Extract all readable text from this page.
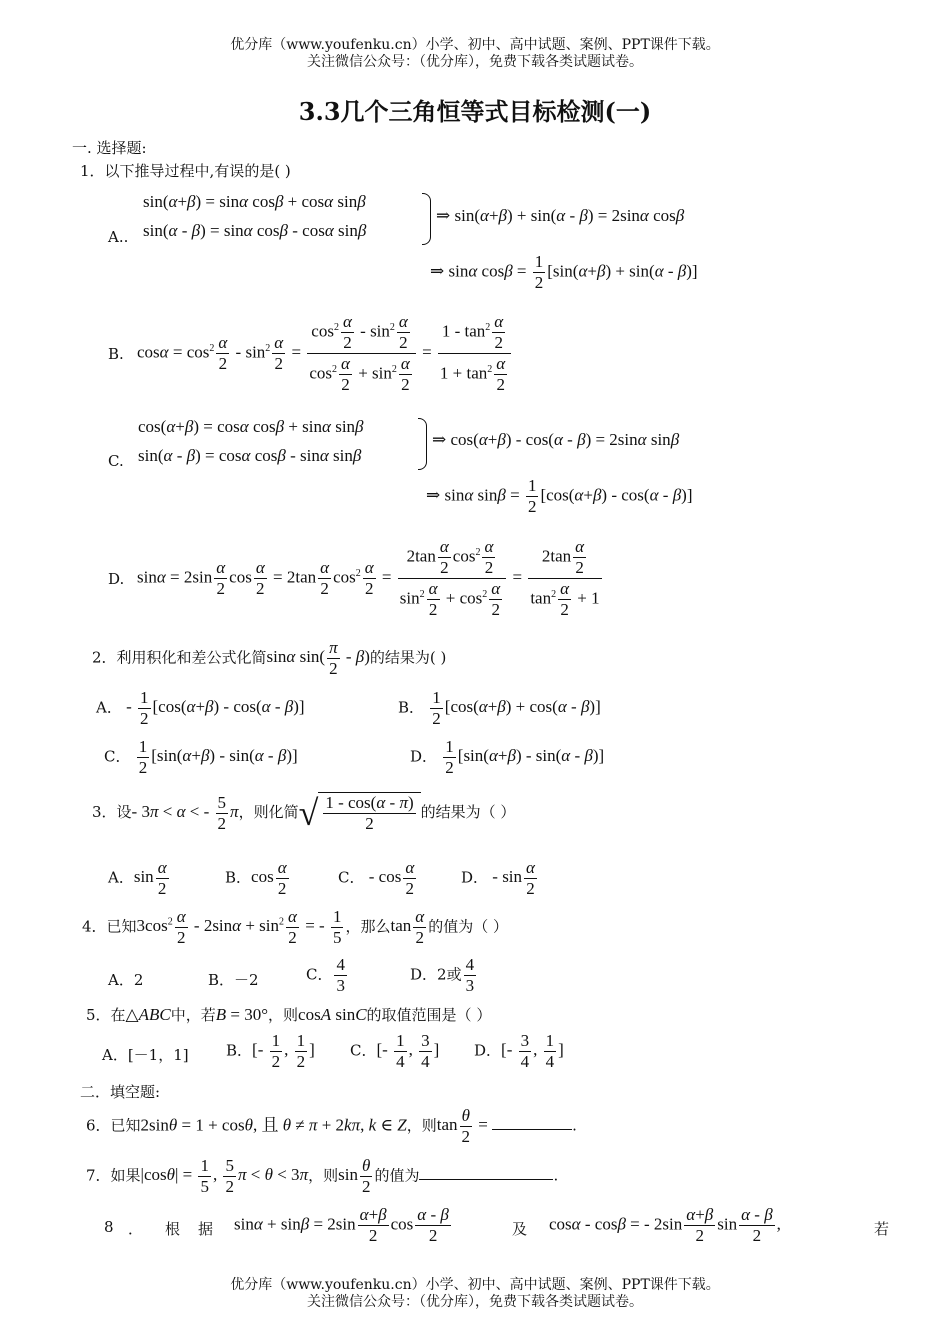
优分库（www.youfenku.cn）小学、初中、高中试题、案例、PPT课件下载。
关注微信公众号：（优分库），免费下载各类试题试卷。
3.3几个三角恒等式目标检测(一)
一. 选择题:
1．以下推导过程中,有误的是( )
A..
sin(α+β) = sinα cosβ + cosα sinβ
sin(α - β) = sinα cosβ - cosα sinβ
⇒ sin(α+β) + sin(α - β) = 2sinα cosβ
⇒ sinα $\cos\beta = \frac{1}{2} [\sin(\alpha+\beta) + \sin(\alpha - \beta)]$
B. $\cos\alpha = \cos^2 \frac{\alpha}{2} - \sin^2 \frac{\alpha}{2} = \frac{\cos^2 \frac{\alpha}{2} - \sin^2 \frac{\alpha}{2}}{\cos^2 \frac{\alpha}{2} + \sin^2 \frac{\alpha}{2}} = \frac{1 - \tan^2 \frac{\alpha}{2}}{1 + \tan^2 \frac{\alpha}{2}}$
C.
cos(α+β) = cosα cosβ + sinα sinβ
sin(α - β) = cosα cosβ - sinα sinβ
⇒ cos(α+β) - cos(α - β) = 2sinα sinβ
⇒ sinα $\sin\beta = \frac{1}{2} [\cos(\alpha+\beta) - \cos(\alpha - \beta)]$
D. $\sin\alpha = 2\sin \frac{\alpha}{2}$ $\cos \frac{\alpha}{2} = 2\tan \frac{\alpha}{2} \cos^2 \frac{\alpha}{2} = \frac{2\tan \frac{\alpha}{2} \cos^2 \frac{\alpha}{2}}{\sin^2 \frac{\alpha}{2} + \cos^2 \frac{\alpha}{2}} = \frac{2\tan \frac{\alpha}{2}}{\tan^2 \frac{\alpha}{2} + 1}$
2．利用积化和差公式化简sinα $\sin( \frac{\pi}{2} - \beta)$的结果为( )
A． - $\frac{1}{2} [\cos(\alpha+\beta) - \cos(\alpha - \beta)]$	B． $\frac{1}{2} [\cos(\alpha+\beta) + \cos(\alpha - \beta)]$
C． $\frac{1}{2} [\sin(\alpha+\beta) - \sin(\alpha - \beta)]$	D． $\frac{1}{2} [\sin(\alpha+\beta) - \sin(\alpha - \beta)]$
3．设- 3π < α < - $\frac{5}{2}$ π，则化简√ $\frac{1 - \cos(\alpha - \pi)}{2}$ 的结果为（ ）
A．$\sin \frac{\alpha}{2}$	B．$\cos \frac{\alpha}{2}$	C． - $\cos \frac{\alpha}{2}$	D． - $\sin \frac{\alpha}{2}$
4．已知$3\cos^2 \frac{\alpha}{2} - 2\sin\alpha + \sin^2 \frac{\alpha}{2}$ = - $\frac{1}{5}$ ，那么$\tan \frac{\alpha}{2}$ 的值为（ ）
A．2	B．－2	C． $\frac{4}{3}$	D．2或 $\frac{4}{3}$
5．在△ABC中，若B = 30°，则cosA sinC的取值范围是（ ）
A．[－1，1] B．[- $\frac{1}{2}$ , $\frac{1}{2}$ ] C．[- $\frac{1}{4}$ , $\frac{3}{4}$ ] D．[- $\frac{3}{4}$ , $\frac{1}{4}$ ]
二．填空题:
6．已知2sinθ = 1 + cosθ, 且 θ ≠ π + 2kπ, k ∈ Z，则$\tan \frac{\theta}{2}$ =	.
7．如果$|\cos\theta| = \frac{1}{5}$ , $\frac{5}{2}$ π < θ < 3π，则$\sin \frac{\theta}{2}$ 的值为	.
8 ． 根 据 $\sin\alpha + \sin\beta = 2\sin \frac{\alpha+\beta}{2}$ $\cos \frac{\alpha - \beta}{2}$	及 cosα - cosβ = - $2\sin \frac{\alpha+\beta}{2}$ $\sin \frac{\alpha - \beta}{2}$ ,	若
优分库（www.youfenku.cn）小学、初中、高中试题、案例、PPT课件下载。
关注微信公众号：（优分库），免费下载各类试题试卷。
